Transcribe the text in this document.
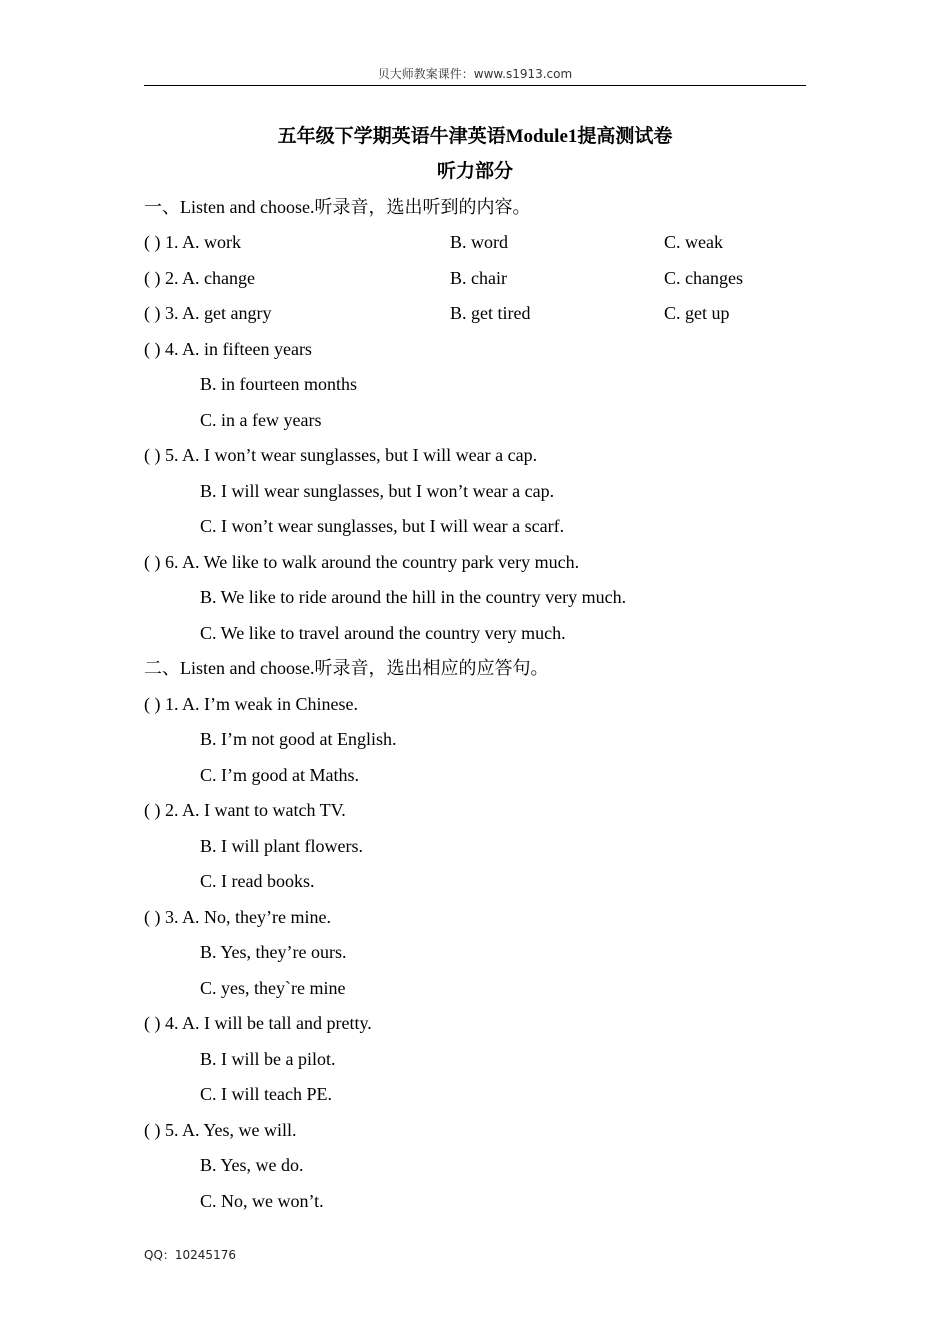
贝大师教案课件：www.s1913.com
五年级下学期英语牛津英语Module1提高测试卷
听力部分
一、Listen and choose.听录音，选出听到的内容。
( ) 1. A. work	B. word	C. weak
( ) 2. A. change	B. chair	C. changes
( ) 3. A. get angry	B. get tired	C. get up
( ) 4. A. in fifteen years
B. in fourteen months
C. in a few years
( ) 5. A. I won’t wear sunglasses, but I will wear a cap.
B. I will wear sunglasses, but I won’t wear a cap.
C. I won’t wear sunglasses, but I will wear a scarf.
( ) 6. A. We like to walk around the country park very much.
B. We like to ride around the hill in the country very much.
C. We like to travel around the country very much.
二、Listen and choose.听录音，选出相应的应答句。
( ) 1. A. I’m weak in Chinese.
B. I’m not good at English.
C. I’m good at Maths.
( ) 2. A. I want to watch TV.
B. I will plant flowers.
C. I read books.
( ) 3. A. No, they’re mine.
B. Yes, they’re ours.
C. yes, they`re mine
( ) 4. A. I will be tall and pretty.
B. I will be a pilot.
C. I will teach PE.
( ) 5. A. Yes, we will.
B. Yes, we do.
C. No, we won’t.
QQ：10245176
